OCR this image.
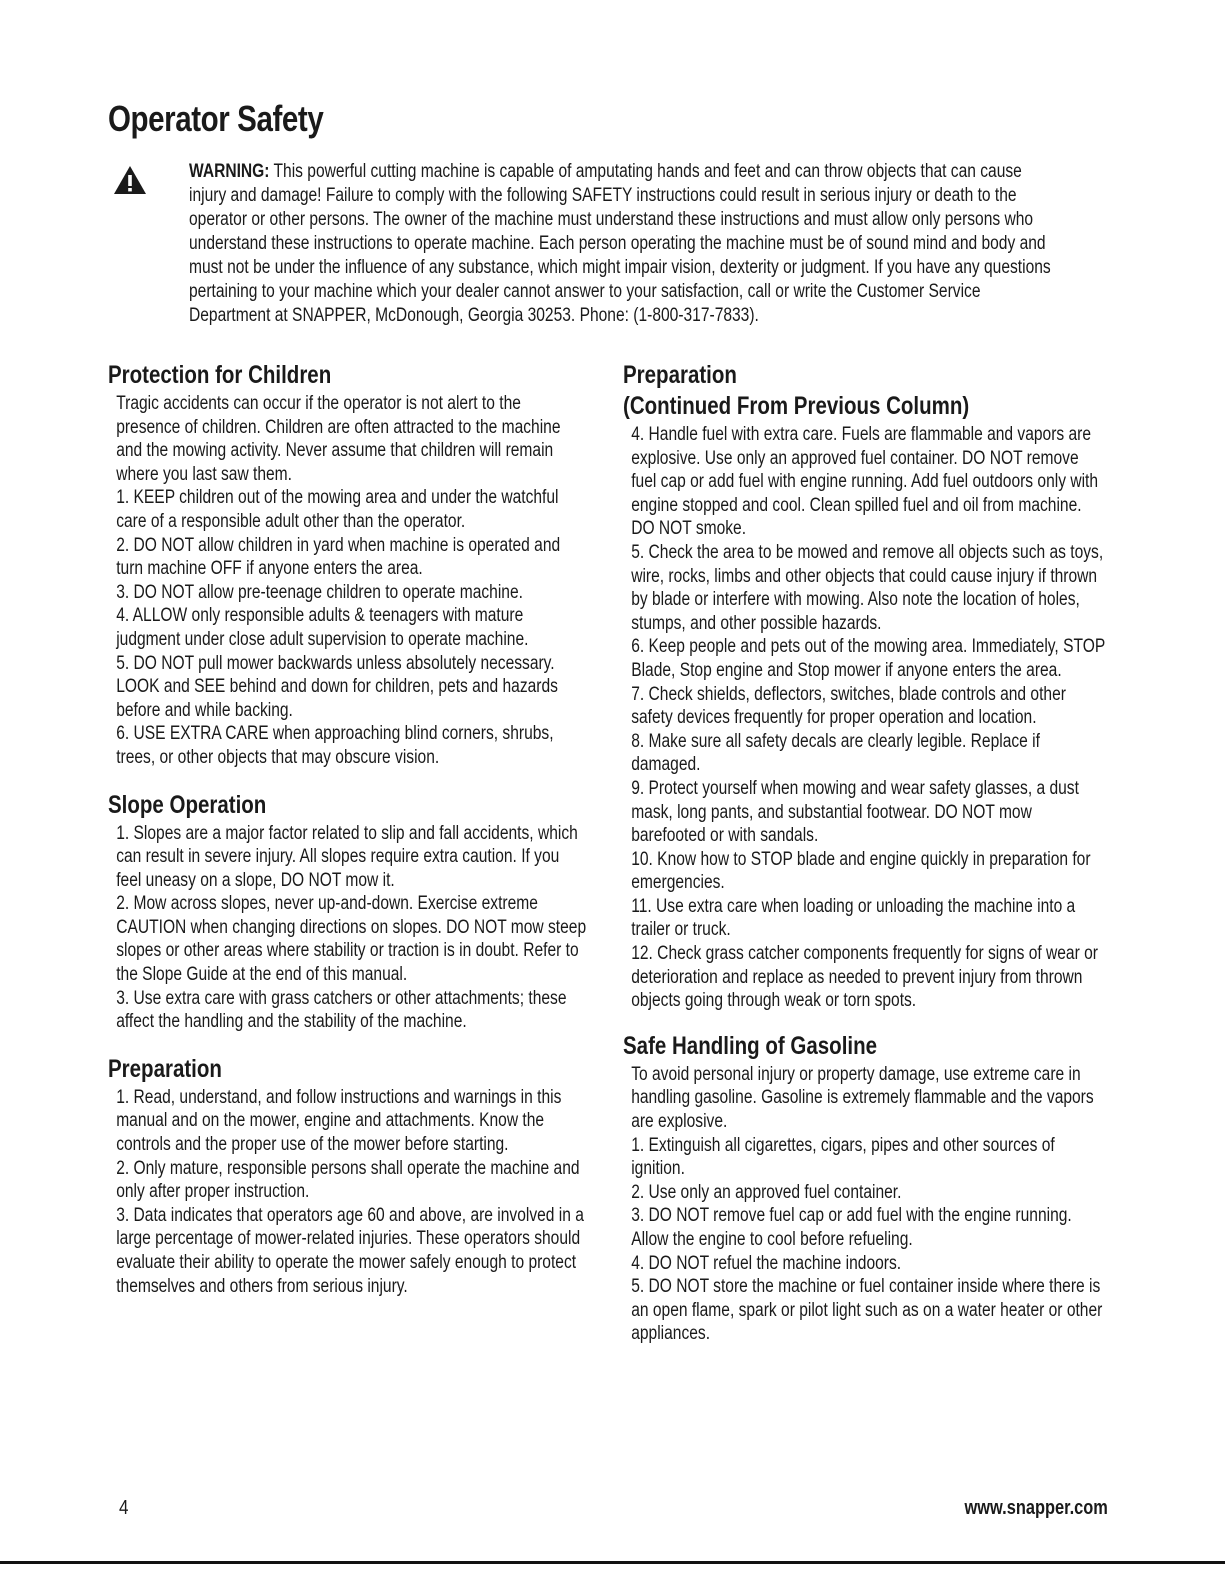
Operator Safety
WARNING: This powerful cutting machine is capable of amputating hands and feet and can throw objects that can cause injury and damage! Failure to comply with the following SAFETY instructions could result in serious injury or death to the operator or other persons. The owner of the machine must understand these instructions and must allow only persons who understand these instructions to operate machine. Each person operating the machine must be of sound mind and body and must not be under the influence of any substance, which might impair vision, dexterity or judgment. If you have any questions pertaining to your machine which your dealer cannot answer to your satisfaction, call or write the Customer Service Department at SNAPPER, McDonough, Georgia 30253. Phone: (1-800-317-7833).
Protection for Children

Tragic accidents can occur if the operator is not alert to the presence of children. Children are often attracted to the machine and the mowing activity. Never assume that children will remain where you last saw them.

1. KEEP children out of the mowing area and under the watchful care of a responsible adult other than the operator.

2. DO NOT allow children in yard when machine is operated and turn machine OFF if anyone enters the area.

3. DO NOT allow pre-teenage children to operate machine.

4. ALLOW only responsible adults & teenagers with mature judgment under close adult supervision to operate machine.

5. DO NOT pull mower backwards unless absolutely necessary. LOOK and SEE behind and down for children, pets and hazards before and while backing.

6. USE EXTRA CARE when approaching blind corners, shrubs, trees, or other objects that may obscure vision.

Slope Operation

1. Slopes are a major factor related to slip and fall accidents, which can result in severe injury. All slopes require extra caution. If you feel uneasy on a slope, DO NOT mow it.

2. Mow across slopes, never up-and-down. Exercise extreme CAUTION when changing directions on slopes. DO NOT mow steep slopes or other areas where stability or traction is in doubt. Refer to the Slope Guide at the end of this manual.

3. Use extra care with grass catchers or other attachments; these affect the handling and the stability of the machine.

Preparation

1. Read, understand, and follow instructions and warnings in this manual and on the mower, engine and attachments. Know the controls and the proper use of the mower before starting.

2. Only mature, responsible persons shall operate the machine and only after proper instruction.

3. Data indicates that operators age 60 and above, are involved in a large percentage of mower-related injuries. These operators should evaluate their ability to operate the mower safely enough to protect themselves and others from serious injury.

Preparation
(Continued From Previous Column)

4. Handle fuel with extra care. Fuels are flammable and vapors are explosive. Use only an approved fuel container. DO NOT remove fuel cap or add fuel with engine running. Add fuel outdoors only with engine stopped and cool. Clean spilled fuel and oil from machine. DO NOT smoke.

5. Check the area to be mowed and remove all objects such as toys, wire, rocks, limbs and other objects that could cause injury if thrown by blade or interfere with mowing. Also note the location of holes, stumps, and other possible hazards.

6. Keep people and pets out of the mowing area. Immediately, STOP Blade, Stop engine and Stop mower if anyone enters the area.

7. Check shields, deflectors, switches, blade controls and other safety devices frequently for proper operation and location.

8. Make sure all safety decals are clearly legible. Replace if damaged.

9. Protect yourself when mowing and wear safety glasses, a dust mask, long pants, and substantial footwear. DO NOT mow barefooted or with sandals.

10. Know how to STOP blade and engine quickly in preparation for emergencies.

11. Use extra care when loading or unloading the machine into a trailer or truck.

12. Check grass catcher components frequently for signs of wear or deterioration and replace as needed to prevent injury from thrown objects going through weak or torn spots.

Safe Handling of Gasoline

To avoid personal injury or property damage, use extreme care in handling gasoline. Gasoline is extremely flammable and the vapors are explosive.

1. Extinguish all cigarettes, cigars, pipes and other sources of ignition.

2. Use only an approved fuel container.

3. DO NOT remove fuel cap or add fuel with the engine running. Allow the engine to cool before refueling.

4. DO NOT refuel the machine indoors.

5. DO NOT store the machine or fuel container inside where there is an open flame, spark or pilot light such as on a water heater or other appliances.

4	www.snapper.com
